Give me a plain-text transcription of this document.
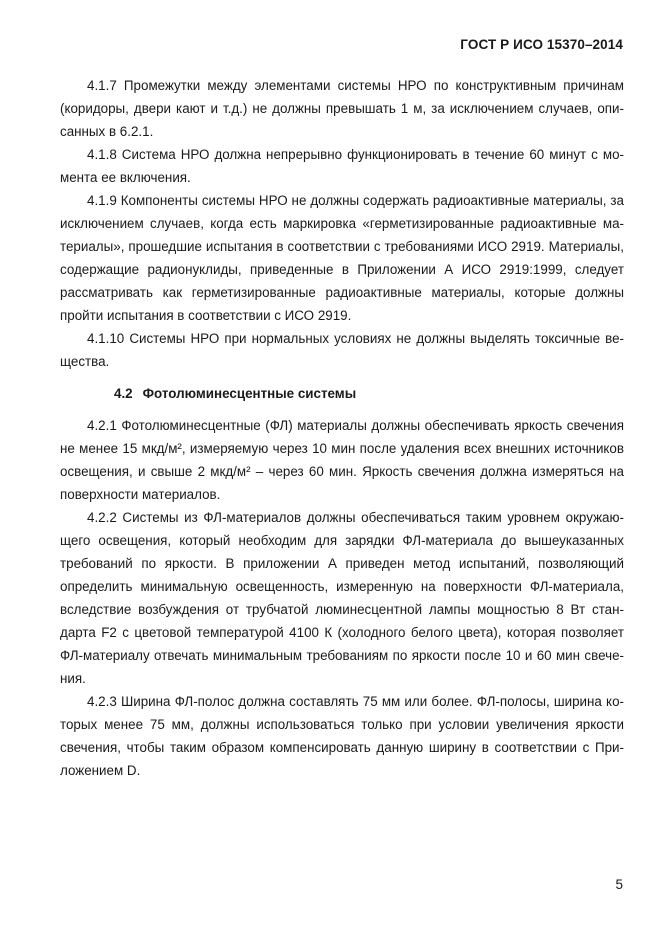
ГОСТ Р ИСО 15370–2014

4.1.7 Промежутки между элементами системы НРО по конструктивным причинам (коридоры, двери кают и т.д.) не должны превышать 1 м, за исключением случаев, описанных в 6.2.1.

4.1.8 Система НРО должна непрерывно функционировать в течение 60 минут с момента ее включения.

4.1.9 Компоненты системы НРО не должны содержать радиоактивные материалы, за исключением случаев, когда есть маркировка «герметизированные радиоактивные материалы», прошедшие испытания в соответствии с требованиями ИСО 2919. Материалы, содержащие радионуклиды, приведенные в Приложении А ИСО 2919:1999, следует рассматривать как герметизированные радиоактивные материалы, которые должны пройти испытания в соответствии с ИСО 2919.

4.1.10 Системы НРО при нормальных условиях не должны выделять токсичные вещества.

4.2 Фотолюминесцентные системы

4.2.1 Фотолюминесцентные (ФЛ) материалы должны обеспечивать яркость свечения не менее 15 мкд/м², измеряемую через 10 мин после удаления всех внешних источников освещения, и свыше 2 мкд/м² – через 60 мин. Яркость свечения должна измеряться на поверхности материалов.

4.2.2 Системы из ФЛ-материалов должны обеспечиваться таким уровнем окружающего освещения, который необходим для зарядки ФЛ-материала до вышеуказанных требований по яркости. В приложении А приведен метод испытаний, позволяющий определить минимальную освещенность, измеренную на поверхности ФЛ-материала, вследствие возбуждения от трубчатой люминесцентной лампы мощностью 8 Вт стандарта F2 с цветовой температурой 4100 К (холодного белого цвета), которая позволяет ФЛ-материалу отвечать минимальным требованиям по яркости после 10 и 60 мин свечения.

4.2.3 Ширина ФЛ-полос должна составлять 75 мм или более. ФЛ-полосы, ширина которых менее 75 мм, должны использоваться только при условии увеличения яркости свечения, чтобы таким образом компенсировать данную ширину в соответствии с Приложением D.

5
